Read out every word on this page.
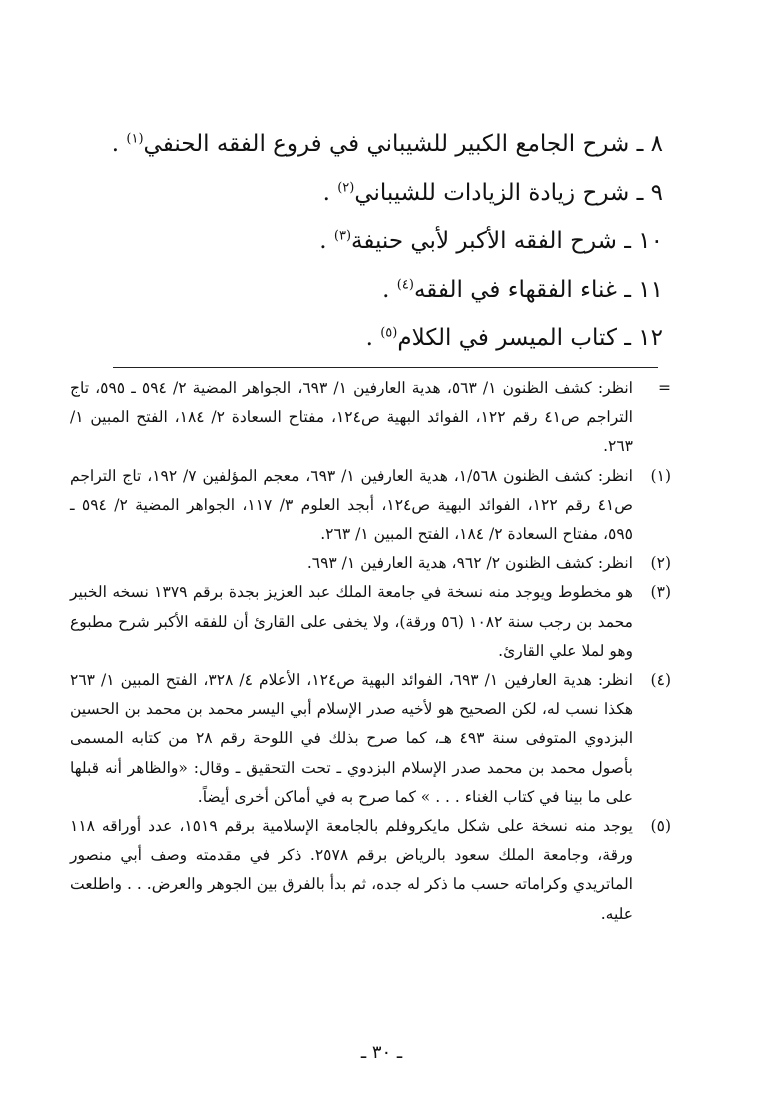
٨ ـ شرح الجامع الكبير للشيباني في فروع الفقه الحنفي$^{(١)}$ .
٩ ـ شرح زيادة الزيادات للشيباني$^{(٢)}$ .
١٠ ـ شرح الفقه الأكبر لأبي حنيفة$^{(٣)}$ .
١١ ـ غناء الفقهاء في الفقه$^{(٤)}$ .
١٢ ـ كتاب الميسر في الكلام$^{(٥)}$ .
=
انظر: كشف الظنون ١/ ٥٦٣، هدية العارفين ١/ ٦٩٣، الجواهر المضية ٢/ ٥٩٤ ـ ٥٩٥، تاج التراجم ص٤١ رقم ١٢٢، الفوائد البهية ص١٢٤، مفتاح السعادة ٢/ ١٨٤، الفتح المبين ١/ ٢٦٣.
(١)
انظر: كشف الظنون ١/٥٦٨، هدية العارفين ١/ ٦٩٣، معجم المؤلفين ٧/ ١٩٢، تاج التراجم ص٤١ رقم ١٢٢، الفوائد البهية ص١٢٤، أبجد العلوم ٣/ ١١٧، الجواهر المضية ٢/ ٥٩٤ ـ ٥٩٥، مفتاح السعادة ٢/ ١٨٤، الفتح المبين ١/ ٢٦٣.
(٢)
انظر: كشف الظنون ٢/ ٩٦٢، هدية العارفين ١/ ٦٩٣.
(٣)
هو مخطوط ويوجد منه نسخة في جامعة الملك عبد العزيز بجدة برقم ١٣٧٩ نسخه الخبير محمد بن رجب سنة ١٠٨٢ (٥٦ ورقة)، ولا يخفى على القارئ أن للفقه الأكبر شرح مطبوع وهو لملا علي القارئ.
(٤)
انظر: هدية العارفين ١/ ٦٩٣، الفوائد البهية ص١٢٤، الأعلام ٤/ ٣٢٨، الفتح المبين ١/ ٢٦٣ هكذا نسب له، لكن الصحيح هو لأخيه صدر الإسلام أبي اليسر محمد بن محمد بن الحسين البزدوي المتوفى سنة ٤٩٣ هـ، كما صرح بذلك في اللوحة رقم ٢٨ من كتابه المسمى بأصول محمد بن محمد صدر الإسلام البزدوي ـ تحت التحقيق ـ وقال: «والظاهر أنه قبلها على ما بينا في كتاب الغناء . . . » كما صرح به في أماكن أخرى أيضاً.
(٥)
يوجد منه نسخة على شكل مايكروفلم بالجامعة الإسلامية برقم ١٥١٩، عدد أوراقه ١١٨ ورقة، وجامعة الملك سعود بالرياض برقم ٢٥٧٨. ذكر في مقدمته وصف أبي منصور الماتريدي وكراماته حسب ما ذكر له جده، ثم بدأ بالفرق بين الجوهر والعرض. . . واطلعت عليه.
ـ ٣٠ ـ
